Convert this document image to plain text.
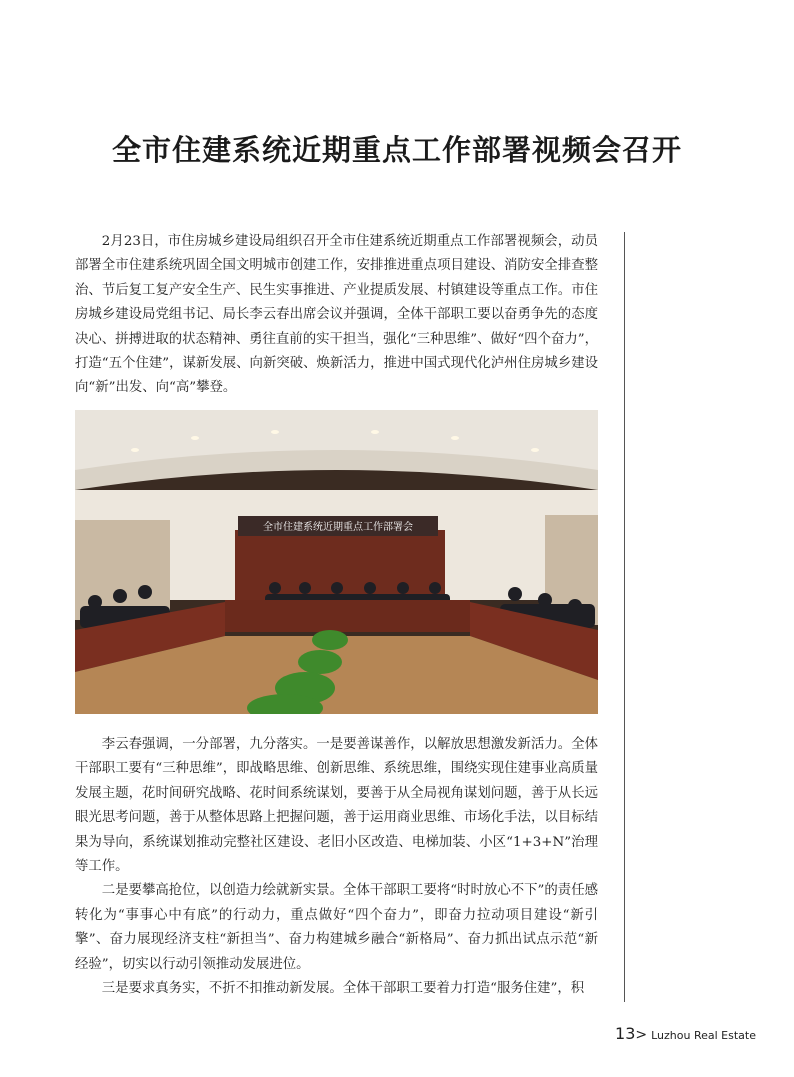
全市住建系统近期重点工作部署视频会召开

2月23日，市住房城乡建设局组织召开全市住建系统近期重点工作部署视频会，动员部署全市住建系统巩固全国文明城市创建工作，安排推进重点项目建设、消防安全排查整治、节后复工复产安全生产、民生实事推进、产业提质发展、村镇建设等重点工作。市住房城乡建设局党组书记、局长李云春出席会议并强调，全体干部职工要以奋勇争先的态度决心、拼搏进取的状态精神、勇往直前的实干担当，强化“三种思维”、做好“四个奋力”，打造“五个住建”，谋新发展、向新突破、焕新活力，推进中国式现代化泸州住房城乡建设向“新”出发、向“高”攀登。

全市住建系统近期重点工作部署会

李云春强调，一分部署，九分落实。一是要善谋善作，以解放思想激发新活力。全体干部职工要有“三种思维”，即战略思维、创新思维、系统思维，围绕实现住建事业高质量发展主题，花时间研究战略、花时间系统谋划，要善于从全局视角谋划问题，善于从长远眼光思考问题，善于从整体思路上把握问题，善于运用商业思维、市场化手法，以目标结果为导向，系统谋划推动完整社区建设、老旧小区改造、电梯加装、小区“1+3+N”治理等工作。

二是要攀高抢位，以创造力绘就新实景。全体干部职工要将“时时放心不下”的责任感转化为“事事心中有底”的行动力，重点做好“四个奋力”，即奋力拉动项目建设“新引擎”、奋力展现经济支柱“新担当”、奋力构建城乡融合“新格局”、奋力抓出试点示范“新经验”，切实以行动引领推动发展进位。

三是要求真务实，不折不扣推动新发展。全体干部职工要着力打造“服务住建”，积

13> Luzhou Real Estate
